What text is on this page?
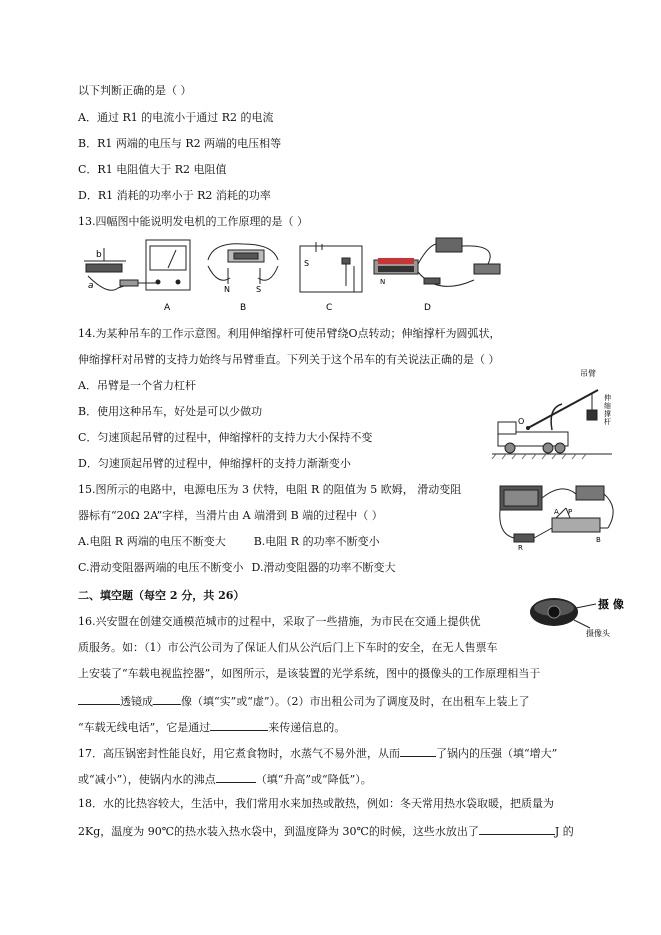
以下判断正确的是（ ）
A．通过 R1 的电流小于通过 R2 的电流
B．R1 两端的电压与 R2 两端的电压相等
C．R1 电阻值大于 R2 电阻值
D．R1 消耗的功率小于 R2 消耗的功率
13.四幅图中能说明发电机的工作原理的是（ ）
b
a
A
N	S
B
S
C
N
D
14.为某种吊车的工作示意图。利用伸缩撑杆可使吊臂绕O点转动；伸缩撑杆为圆弧状，
伸缩撑杆对吊臂的支持力始终与吊臂垂直。下列关于这个吊车的有关说法正确的是（ ）
A．吊臂是一个省力杠杆
B．使用这种吊车，好处是可以少做功
C．匀速顶起吊臂的过程中，伸缩撑杆的支持力大小保持不变
D．匀速顶起吊臂的过程中，伸缩撑杆的支持力渐渐变小
O
吊臂
伸
缩
撑
杆
15.图所示的电路中，电源电压为 3 伏特，电阻 R 的阻值为 5 欧姆， 滑动变阻
器标有“20Ω 2A”字样，当滑片由 A 端滑到 B 端的过程中（ ）
A.电阻 R 两端的电压不断变大	B.电阻 R 的功率不断变小
C.滑动变阻器两端的电压不断变小 D.滑动变阻器的功率不断变大
A P
B
R
二、填空题（每空 2 分，共 26）
16.兴安盟在创建交通模范城市的过程中，采取了一些措施，为市民在交通上提供优
质服务。如：（1）市公汽公司为了保证人们从公汽后门上下车时的安全，在无人售票车
上安装了“车载电视监控器”，如图所示，是该装置的光学系统，图中的摄像头的工作原理相当于
透镜成	像（填“实”或“虚”）。（2）市出租公司为了调度及时，在出租车上装上了
“车载无线电话”，它是通过	来传递信息的。
摄 像
摄像头
17．高压锅密封性能良好，用它煮食物时，水蒸气不易外泄，从而	了锅内的压强（填“增大”
或“减小”），使锅内水的沸点	（填“升高”或“降低”）。
18．水的比热容较大，生活中，我们常用水来加热或散热，例如：冬天常用热水袋取暖，把质量为
2Kg，温度为 90℃的热水装入热水袋中，到温度降为 30℃的时候，这些水放出了	J 的
